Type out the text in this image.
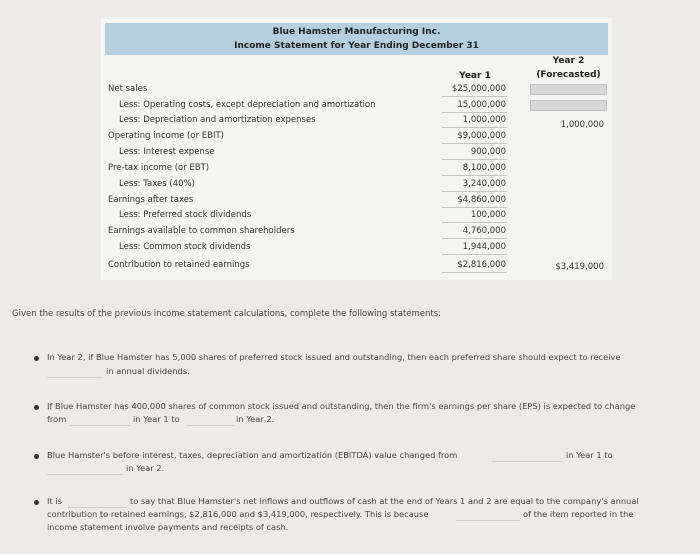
Blue Hamster Manufacturing Inc.
Income Statement for Year Ending December 31
Year 1
Year 2
(Forecasted)
Net sales	$25,000,000
Less: Operating costs, except depreciation and amortization	15,000,000
Less: Depreciation and amortization expenses	1,000,000	1,000,000
Operating income (or EBIT)	$9,000,000
Less: Interest expense	900,000
Pre-tax income (or EBT)	8,100,000
Less: Taxes (40%)	3,240,000
Earnings after taxes	$4,860,000
Less: Preferred stock dividends	100,000
Earnings available to common shareholders	4,760,000
Less: Common stock dividends	1,944,000
Contribution to retained earnings	$2,816,000	$3,419,000
Given the results of the previous income statement calculations, complete the following statements:
In Year 2, if Blue Hamster has 5,000 shares of preferred stock issued and outstanding, then each preferred share should expect to receive
in annual dividends.
If Blue Hamster has 400,000 shares of common stock issued and outstanding, then the firm's earnings per share (EPS) is expected to change
from	in Year 1 to	in Year 2.
Blue Hamster's before interest, taxes, depreciation and amortization (EBITDA) value changed from	in Year 1 to
in Year 2.
It is	to say that Blue Hamster's net inflows and outflows of cash at the end of Years 1 and 2 are equal to the company's annual
contribution to retained earnings, $2,816,000 and $3,419,000, respectively. This is because	of the item reported in the
income statement involve payments and receipts of cash.
